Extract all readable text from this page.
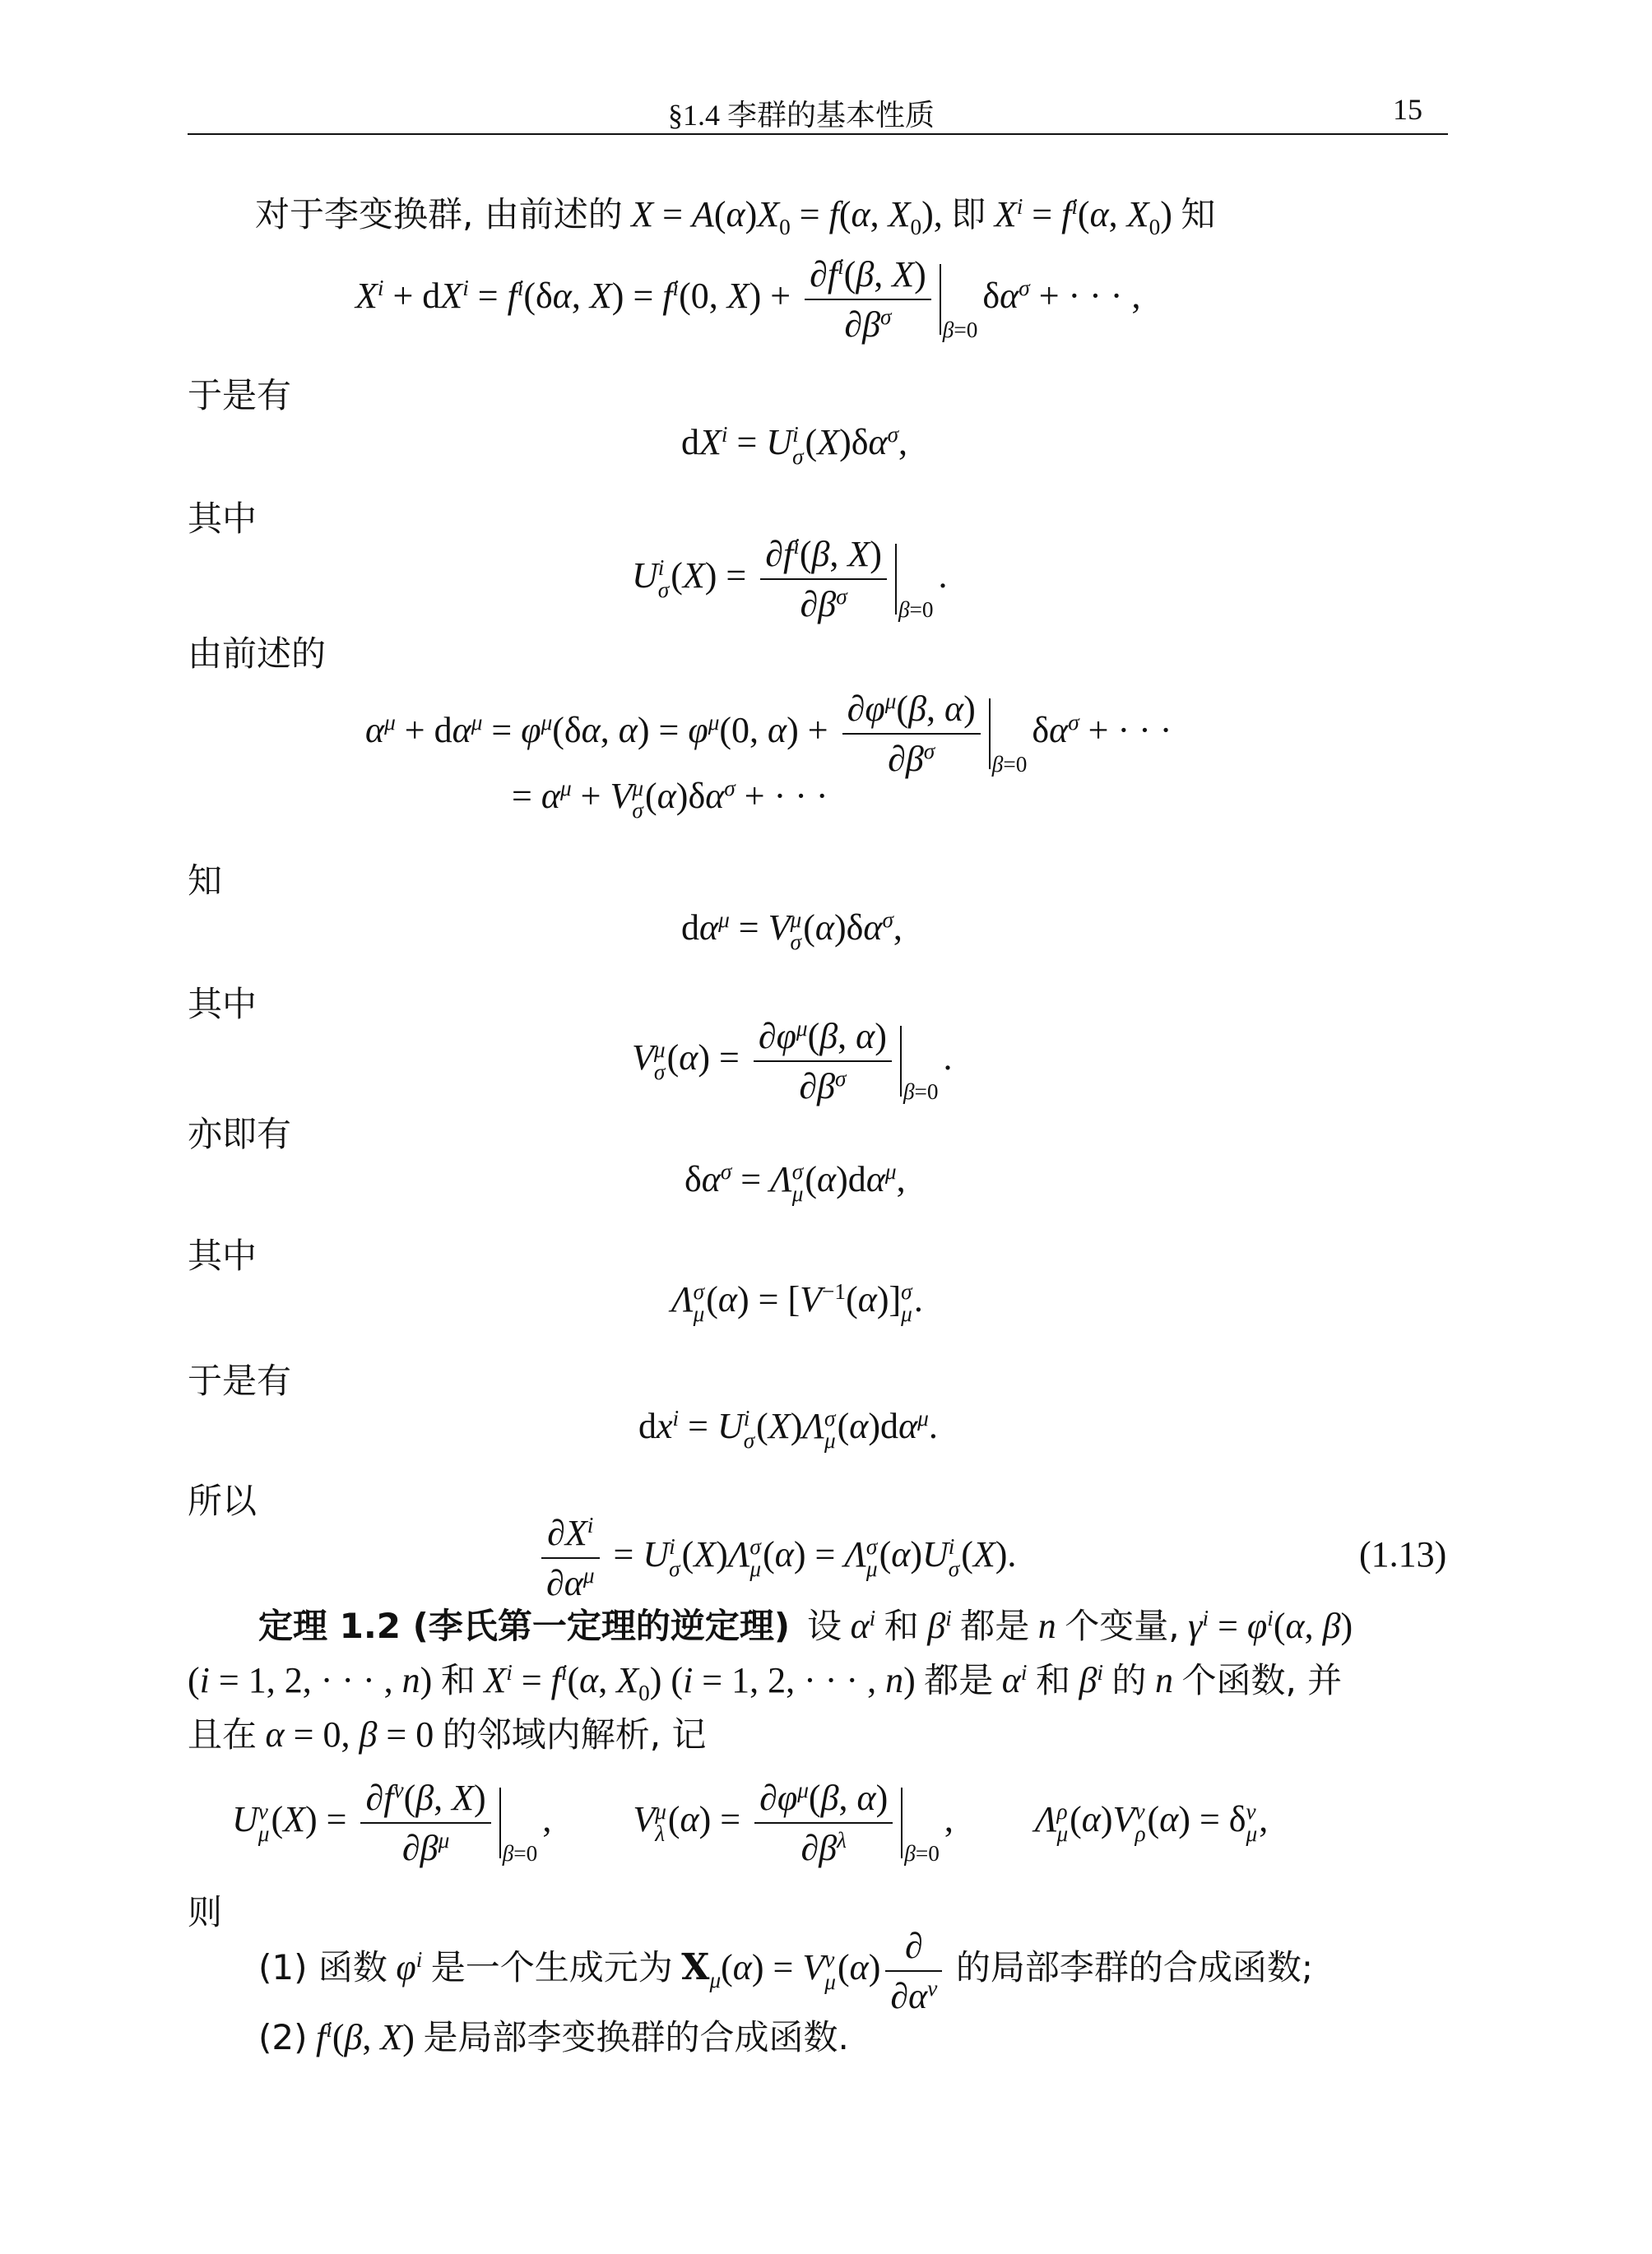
§1.4 李群的基本性质	15
对于李变换群, 由前述的 $X = A(\alpha)X_0 = f(\alpha$, $X_0$), 即 $X^i = f^i(\alpha$, $X_0$) 知
$X^i + dX^i = f^i(\delta\alpha$, $X) = f^i(0$, $X) + \frac{\partial f^i(\beta, X)}{\partial\beta^\sigma} _{\beta=0}\delta\alpha^\sigma$ + · · · ,
于是有
$dX^i = U$ i
σ $(X)\delta\alpha^\sigma$,
其中
U i
σ $(X) = \frac{\partial f^i(\beta, X)}{\partial\beta^\sigma} _{\beta=0}$.
由前述的
$\alpha^\mu + d\alpha^\mu = \varphi^\mu(\delta\alpha$, $\alpha) = \varphi^\mu(0$, $\alpha) + \frac{\partial\varphi^\mu(\beta, \alpha)}{\partial\beta^\sigma} _{\beta=0}\delta\alpha^\sigma$ + · · ·
= $\alpha^\mu + V$ μ
σ $(\alpha)\delta\alpha^\sigma$ + · · ·
知
$d\alpha^\mu = V$ μ
σ $(\alpha)\delta\alpha^\sigma$,
其中
V μ
σ $(\alpha) = \frac{\partial\varphi^\mu(\beta, \alpha)}{\partial\beta^\sigma} _{\beta=0}$.
亦即有
$\delta\alpha^\sigma = \Lambda$ σ
μ $(\alpha)d\alpha^\mu$,
其中
Λ σ
μ $(\alpha) = [V^{-1}(\alpha)]$ σ
μ .
于是有
$dx^i = U$ i
σ (X)Λ σ
μ $(\alpha)d\alpha^\mu$.
所以
$\frac{\partial X^i}{\partial\alpha^\mu} = U$ i
σ (X)Λ σ
μ (α) = Λ σ
μ (α)U i
σ (X).	(1.13)
定理 1.2 (李氏第一定理的逆定理) 设 $\alpha^i$ 和 $\beta^i$ 都是 n 个变量, $\gamma^i = \varphi^i(\alpha$, β)
(i = 1, 2, · · · , n) 和 $X^i = f^i(\alpha$, $X_0$) (i = 1, 2, · · · , n) 都是 $\alpha^i$ 和 $\beta^i$ 的 n 个函数, 并
且在 α = 0, β = 0 的邻域内解析, 记
U ν
μ $(X) = \frac{\partial f^\nu(\beta, X)}{\partial\beta^\mu} _{\beta=0}$,         V μ
λ $(\alpha) = \frac{\partial\varphi^\mu(\beta, \alpha)}{\partial\beta^\lambda} _{\beta=0}$,         Λ ρ
μ (α)V ν
ρ (α) = δ ν
μ ,
则
(1) 函数 $\varphi^i$ 是一个生成元为 $X_\mu(\alpha) = V$ ν
μ $(\alpha) \frac{\partial}{\partial\alpha^\nu}$ 的局部李群的合成函数;
(2) $f^i(\beta$, X) 是局部李变换群的合成函数.
